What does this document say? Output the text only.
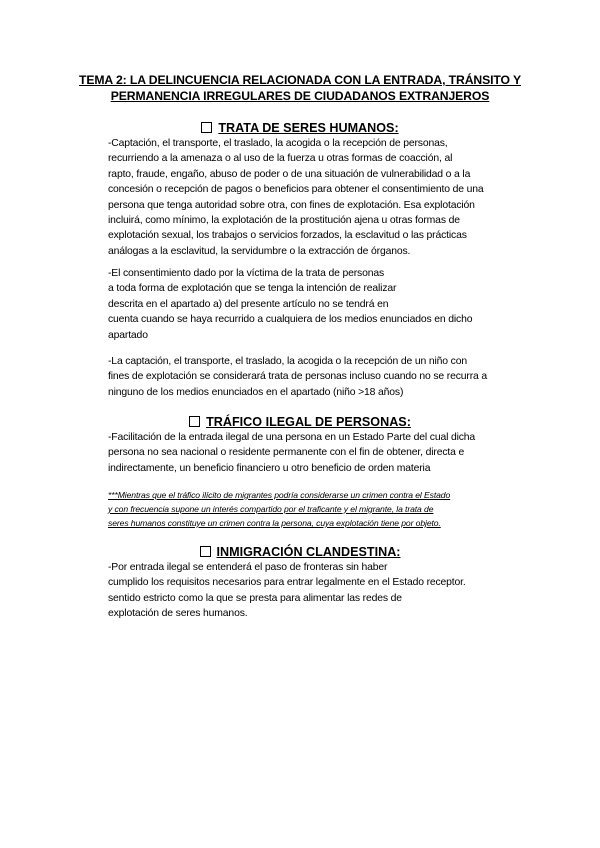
TEMA 2: LA DELINCUENCIA RELACIONADA CON LA ENTRADA, TRÁNSITO Y
PERMANENCIA IRREGULARES DE CIUDADANOS EXTRANJEROS
TRATA DE SERES HUMANOS:
-Captación, el transporte, el traslado, la acogida o la recepción de personas,
recurriendo a la amenaza o al uso de la fuerza u otras formas de coacción, al
rapto, fraude, engaño, abuso de poder o de una situación de vulnerabilidad o a la
concesión o recepción de pagos o beneficios para obtener el consentimiento de una
persona que tenga autoridad sobre otra, con fines de explotación. Esa explotación
incluirá, como mínimo, la explotación de la prostitución ajena u otras formas de
explotación sexual, los trabajos o servicios forzados, la esclavitud o las prácticas
análogas a la esclavitud, la servidumbre o la extracción de órganos.
-El consentimiento dado por la víctima de la trata de personas
a toda forma de explotación que se tenga la intención de realizar
descrita en el apartado a) del presente artículo no se tendrá en
cuenta cuando se haya recurrido a cualquiera de los medios enunciados en dicho
apartado
-La captación, el transporte, el traslado, la acogida o la recepción de un niño con
fines de explotación se considerará trata de personas incluso cuando no se recurra a
ninguno de los medios enunciados en el apartado (niño >18 años)
TRÁFICO ILEGAL DE PERSONAS:
-Facilitación de la entrada ilegal de una persona en un Estado Parte del cual dicha
persona no sea nacional o residente permanente con el fin de obtener, directa e
indirectamente, un beneficio financiero u otro beneficio de orden materia
***Mientras que el tráfico ilícito de migrantes podría considerarse un crimen contra el Estado
y con frecuencia supone un interés compartido por el traficante y el migrante, la trata de
seres humanos constituye un crimen contra la persona, cuya explotación tiene por objeto.
INMIGRACIÓN CLANDESTINA:
-Por entrada ilegal se entenderá el paso de fronteras sin haber
cumplido los requisitos necesarios para entrar legalmente en el Estado receptor.
sentido estricto como la que se presta para alimentar las redes de
explotación de seres humanos.
